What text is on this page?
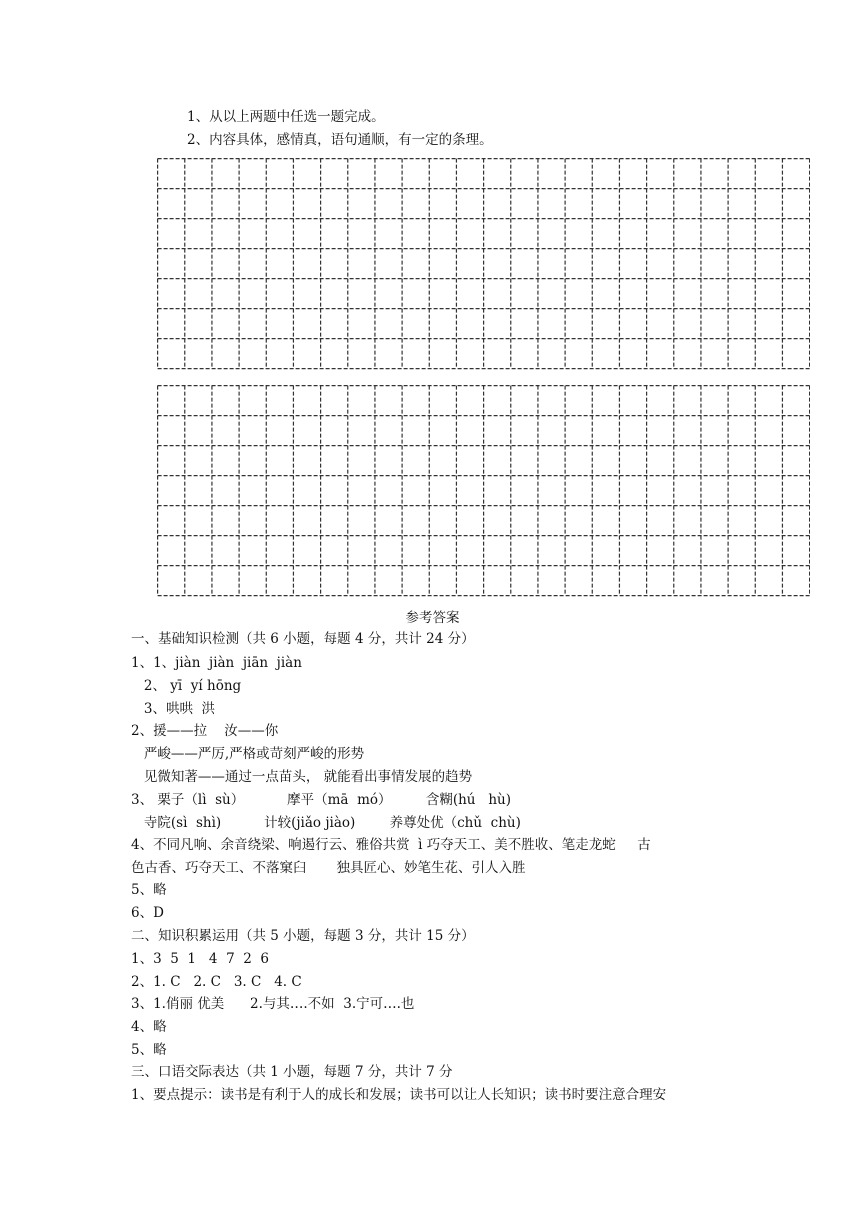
1、从以上两题中任选一题完成。
2、内容具体，感情真，语句通顺，有一定的条理。
参考答案
一、基础知识检测（共 6 小题，每题 4 分，共计 24 分）
1、1、jiàn  jiàn  jiān  jiàn
2、 yī  yí hōng
3、哄哄  洪
2、援——拉    汝——你
严峻——严厉,严格或苛刻严峻的形势
见微知著——通过一点苗头， 就能看出事情发展的趋势
3、 栗子（lì  sù）          摩平（mā  mó）        含糊(hú   hù)
寺院(sì  shì)          计较(jiǎo jiào)        养尊处优（chǔ  chù)
4、不同凡响、余音绕梁、响遏行云、雅俗共赏  ì 巧夺天工、美不胜收、笔走龙蛇     古
色古香、巧夺天工、不落窠臼       独具匠心、妙笔生花、引人入胜
5、略
6、D
二、知识积累运用（共 5 小题，每题 3 分，共计 15 分）
1、3  5  1   4  7  2  6
2、1. C   2. C   3. C   4. C
3、1.俏丽 优美      2.与其….不如  3.宁可….也
4、略
5、略
三、口语交际表达（共 1 小题，每题 7 分，共计 7 分
1、要点提示：读书是有利于人的成长和发展；读书可以让人长知识；读书时要注意合理安
